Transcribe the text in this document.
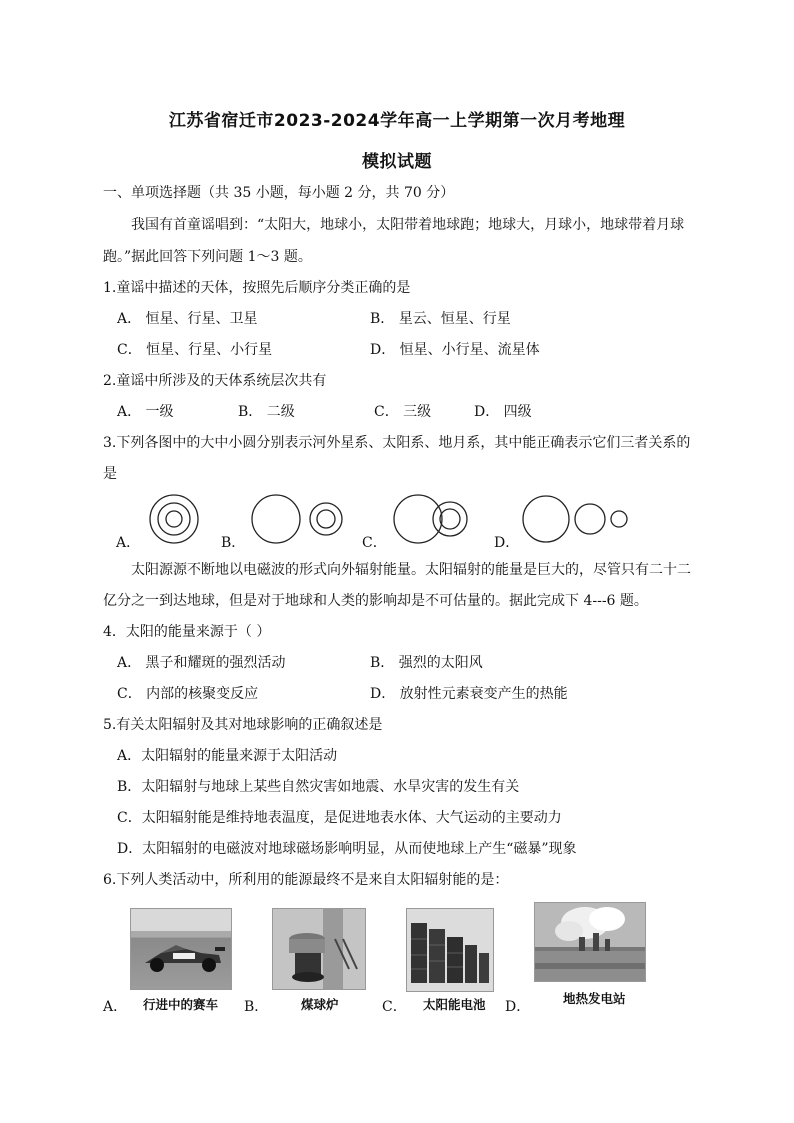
江苏省宿迁市2023-2024学年高一上学期第一次月考地理
模拟试题
一、单项选择题（共 35 小题，每小题 2 分，共 70 分）
我国有首童谣唱到：“太阳大，地球小，太阳带着地球跑；地球大，月球小，地球带着月球
跑。”据此回答下列问题 1～3 题。
1.童谣中描述的天体，按照先后顺序分类正确的是
A． 恒星、行星、卫星	B． 星云、恒星、行星
C． 恒星、行星、小行星	D． 恒星、小行星、流星体
2.童谣中所涉及的天体系统层次共有
A． 一级	B． 二级	C． 三级	D． 四级
3.下列各图中的大中小圆分别表示河外星系、太阳系、地月系，其中能正确表示它们三者关系的
是
A．	B．	C．	D．
太阳源源不断地以电磁波的形式向外辐射能量。太阳辐射的能量是巨大的，尽管只有二十二
亿分之一到达地球，但是对于地球和人类的影响却是不可估量的。据此完成下 4---6 题。
4．太阳的能量来源于（ ）
A． 黑子和耀斑的强烈活动	B． 强烈的太阳风
C． 内部的核聚变反应	D． 放射性元素衰变产生的热能
5.有关太阳辐射及其对地球影响的正确叙述是
A．太阳辐射的能量来源于太阳活动
B．太阳辐射与地球上某些自然灾害如地震、水旱灾害的发生有关
C．太阳辐射能是维持地表温度，是促进地表水体、大气运动的主要动力
D．太阳辐射的电磁波对地球磁场影响明显，从而使地球上产生“磁暴”现象
6.下列人类活动中，所利用的能源最终不是来自太阳辐射能的是：
A． 行进中的赛车 B．	煤球炉	C． 太阳能电池 D．
地热发电站
